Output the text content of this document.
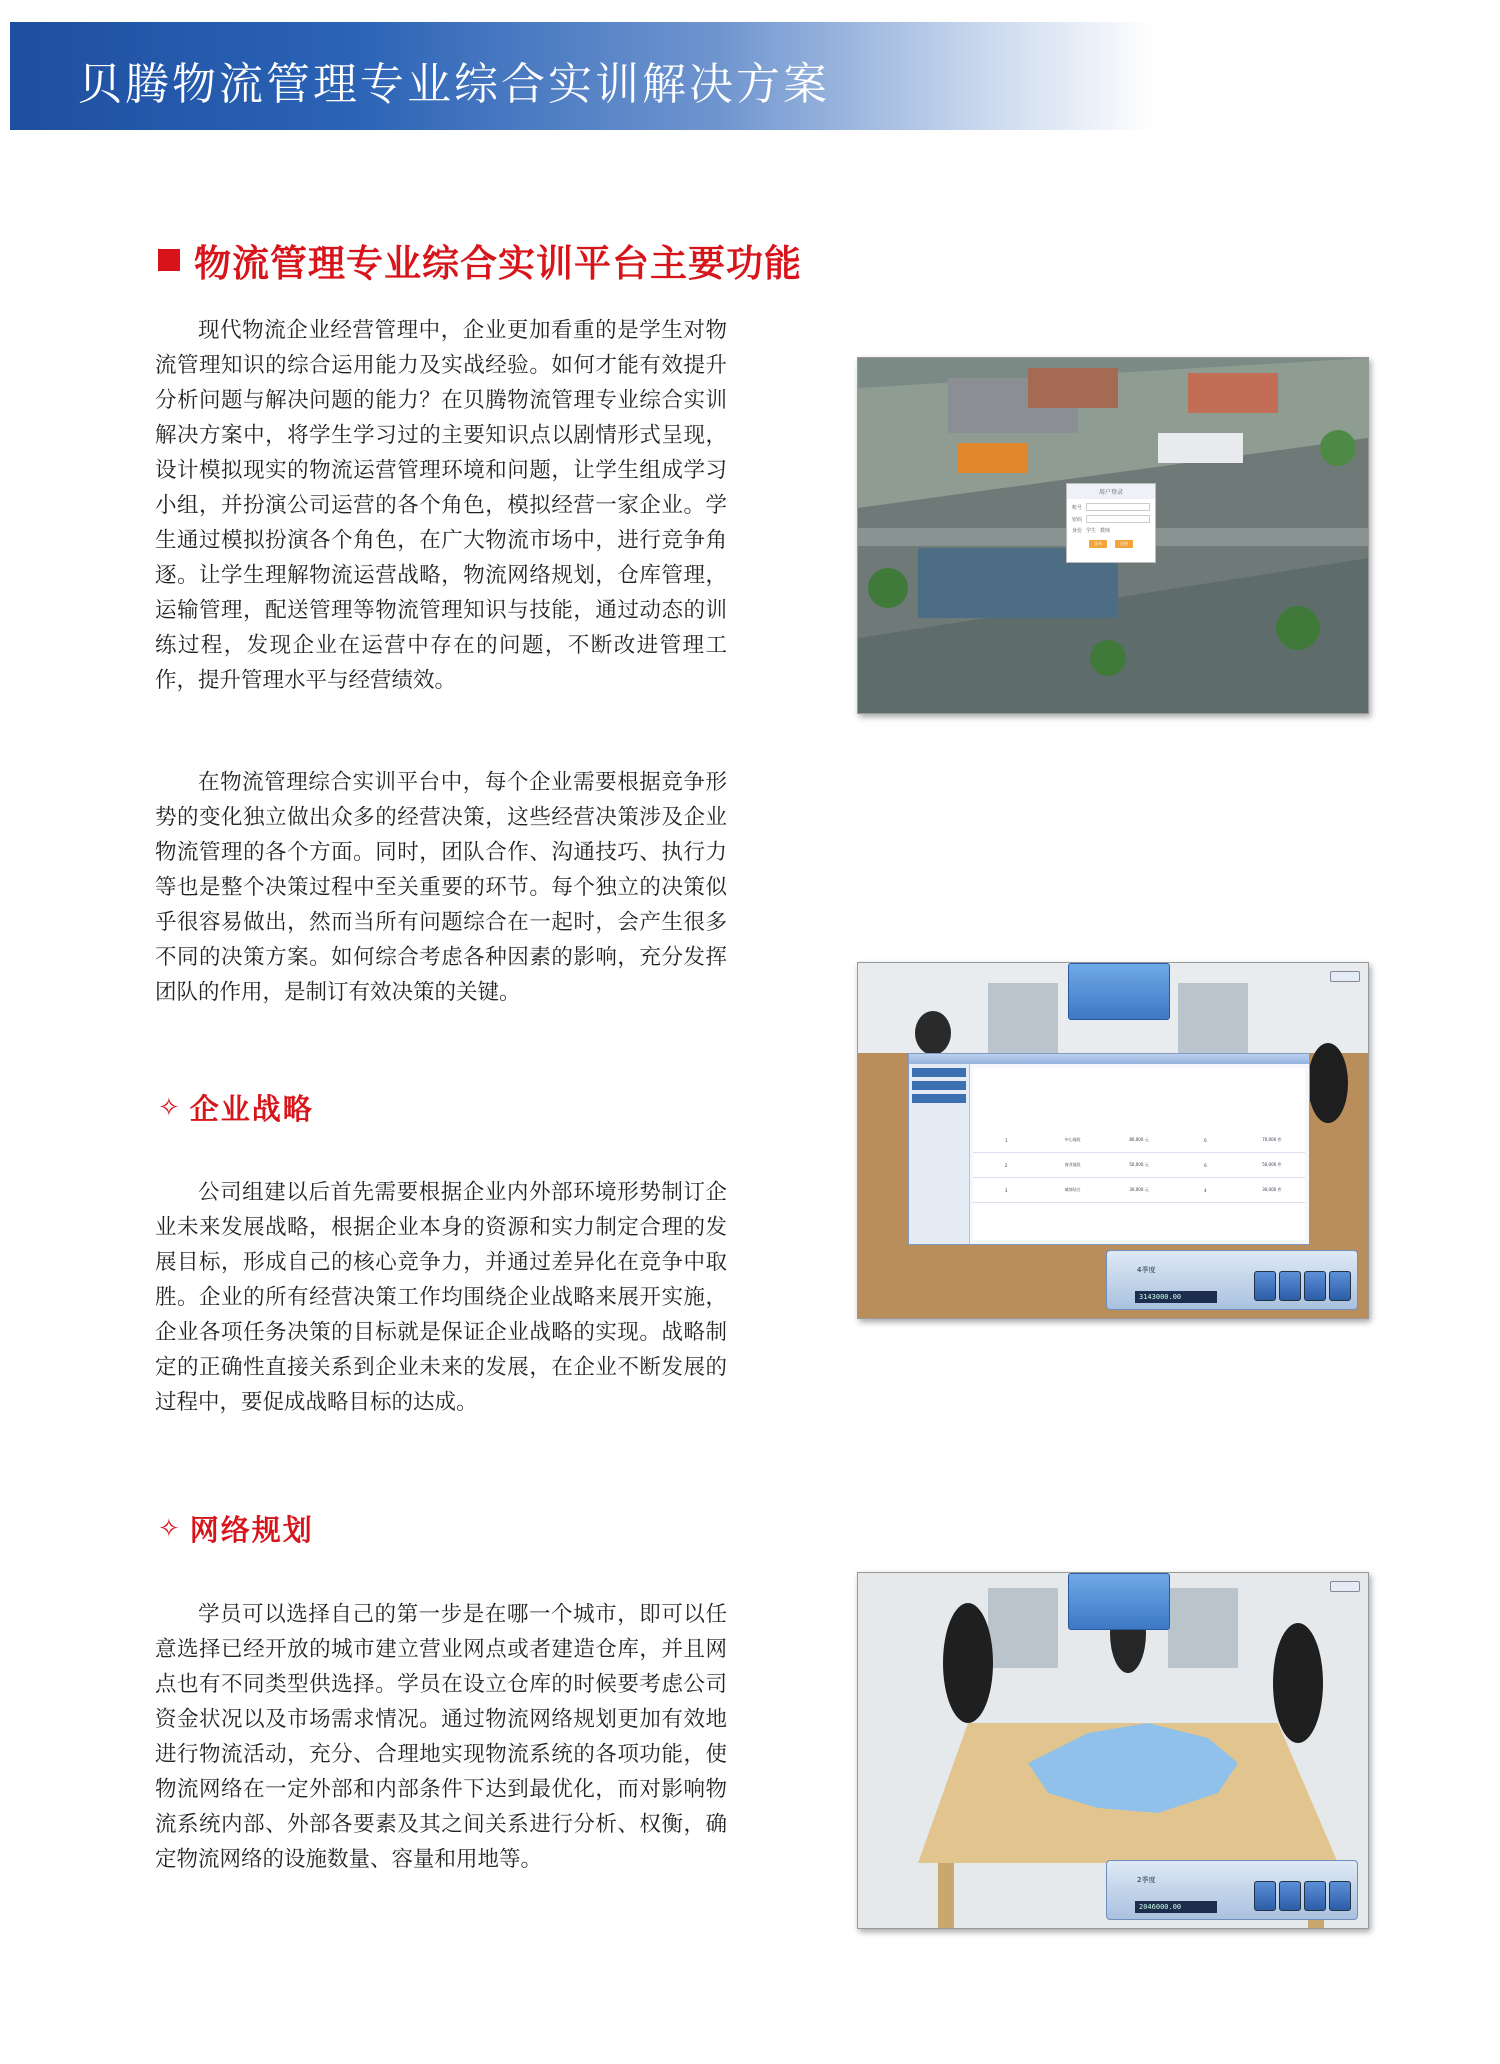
贝腾物流管理专业综合实训解决方案
物流管理专业综合实训平台主要功能

现代物流企业经营管理中，企业更加看重的是学生对物流管理知识的综合运用能力及实战经验。如何才能有效提升分析问题与解决问题的能力？在贝腾物流管理专业综合实训解决方案中，将学生学习过的主要知识点以剧情形式呈现，设计模拟现实的物流运营管理环境和问题，让学生组成学习小组，并扮演公司运营的各个角色，模拟经营一家企业。学生通过模拟扮演各个角色，在广大物流市场中，进行竞争角逐。让学生理解物流运营战略，物流网络规划，仓库管理，运输管理，配送管理等物流管理知识与技能，通过动态的训练过程，发现企业在运营中存在的问题，不断改进管理工作，提升管理水平与经营绩效。

在物流管理综合实训平台中，每个企业需要根据竞争形势的变化独立做出众多的经营决策，这些经营决策涉及企业物流管理的各个方面。同时，团队合作、沟通技巧、执行力等也是整个决策过程中至关重要的环节。每个独立的决策似乎很容易做出，然而当所有问题综合在一起时，会产生很多不同的决策方案。如何综合考虑各种因素的影响，充分发挥团队的作用，是制订有效决策的关键。

✧ 企业战略

公司组建以后首先需要根据企业内外部环境形势制订企业未来发展战略，根据企业本身的资源和实力制定合理的发展目标，形成自己的核心竞争力，并通过差异化在竞争中取胜。企业的所有经营决策工作均围绕企业战略来展开实施，企业各项任务决策的目标就是保证企业战略的实现。战略制定的正确性直接关系到企业未来的发展，在企业不断发展的过程中，要促成战略目标的达成。

✧ 网络规划

学员可以选择自己的第一步是在哪一个城市，即可以任意选择已经开放的城市建立营业网点或者建造仓库，并且网点也有不同类型供选择。学员在设立仓库的时候要考虑公司资金状况以及市场需求情况。通过物流网络规划更加有效地进行物流活动，充分、合理地实现物流系统的各项功能，使物流网络在一定外部和内部条件下达到最优化，而对影响物流系统内部、外部各要素及其之间关系进行分析、权衡，确定物流网络的设施数量、容量和用地等。

用户登录
账号
密码
身份 学生 教师
登录	注册
1	中心地段	80,000 元	6	70,000 件
2	商业地段	50,000 元	6	50,000 件
3	城郊结合	30,000 元	4	30,000 件
4季度
3143000.00
2季度
2046000.00
